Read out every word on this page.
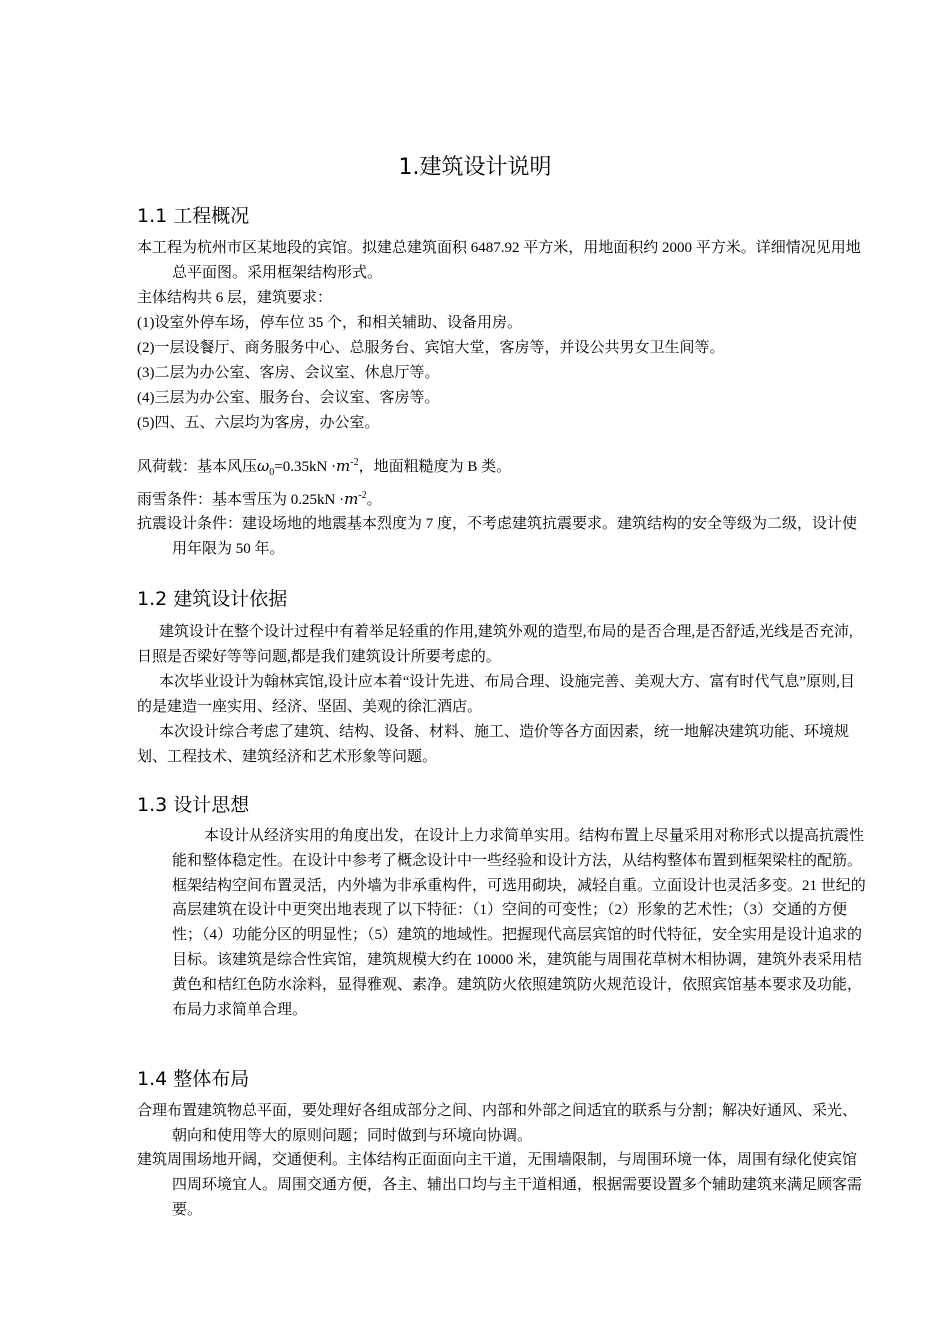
1.建筑设计说明
1.1 工程概况

本工程为杭州市区某地段的宾馆。拟建总建筑面积 6487.92 平方米，用地面积约 2000 平方米。详细情况见用地总平面图。采用框架结构形式。

主体结构共 6 层，建筑要求：

(1)设室外停车场，停车位 35 个，和相关辅助、设备用房。

(2)一层设餐厅、商务服务中心、总服务台、宾馆大堂，客房等，并设公共男女卫生间等。

(3)二层为办公室、客房、会议室、休息厅等。

(4)三层为办公室、服务台、会议室、客房等。

(5)四、五、六层均为客房，办公室。

风荷载：基本风压$\omega_0=0.35kN \cdot m^{-2}$，地面粗糙度为 B 类。

雨雪条件：基本雪压为 $0.25kN \cdot m^{-2}$。

抗震设计条件：建设场地的地震基本烈度为 7 度，不考虑建筑抗震要求。建筑结构的安全等级为二级，设计使用年限为 50 年。

1.2 建筑设计依据

建筑设计在整个设计过程中有着举足轻重的作用,建筑外观的造型,布局的是否合理,是否舒适,光线是否充沛,日照是否梁好等等问题,都是我们建筑设计所要考虑的。

本次毕业设计为翰林宾馆,设计应本着“设计先进、布局合理、设施完善、美观大方、富有时代气息”原则,目的是建造一座实用、经济、坚固、美观的徐汇酒店。

本次设计综合考虑了建筑、结构、设备、材料、施工、造价等各方面因素，统一地解决建筑功能、环境规划、工程技术、建筑经济和艺术形象等问题。

1.3 设计思想

本设计从经济实用的角度出发，在设计上力求简单实用。结构布置上尽量采用对称形式以提高抗震性能和整体稳定性。在设计中参考了概念设计中一些经验和设计方法，从结构整体布置到框架梁柱的配筋。框架结构空间布置灵活，内外墙为非承重构件，可选用砌块，减轻自重。立面设计也灵活多变。21 世纪的高层建筑在设计中更突出地表现了以下特征：（1）空间的可变性；（2）形象的艺术性；（3）交通的方便性；（4）功能分区的明显性；（5）建筑的地域性。把握现代高层宾馆的时代特征，安全实用是设计追求的目标。该建筑是综合性宾馆，建筑规模大约在 10000 米，建筑能与周围花草树木相协调，建筑外表采用桔黄色和桔红色防水涂料，显得雅观、素净。建筑防火依照建筑防火规范设计，依照宾馆基本要求及功能，布局力求简单合理。

1.4 整体布局

合理布置建筑物总平面，要处理好各组成部分之间、内部和外部之间适宜的联系与分割；解决好通风、采光、朝向和使用等大的原则问题；同时做到与环境向协调。

建筑周围场地开阔，交通便利。主体结构正面面向主干道，无围墙限制，与周围环境一体，周围有绿化使宾馆四周环境宜人。周围交通方便，各主、辅出口均与主干道相通，根据需要设置多个辅助建筑来满足顾客需要。
